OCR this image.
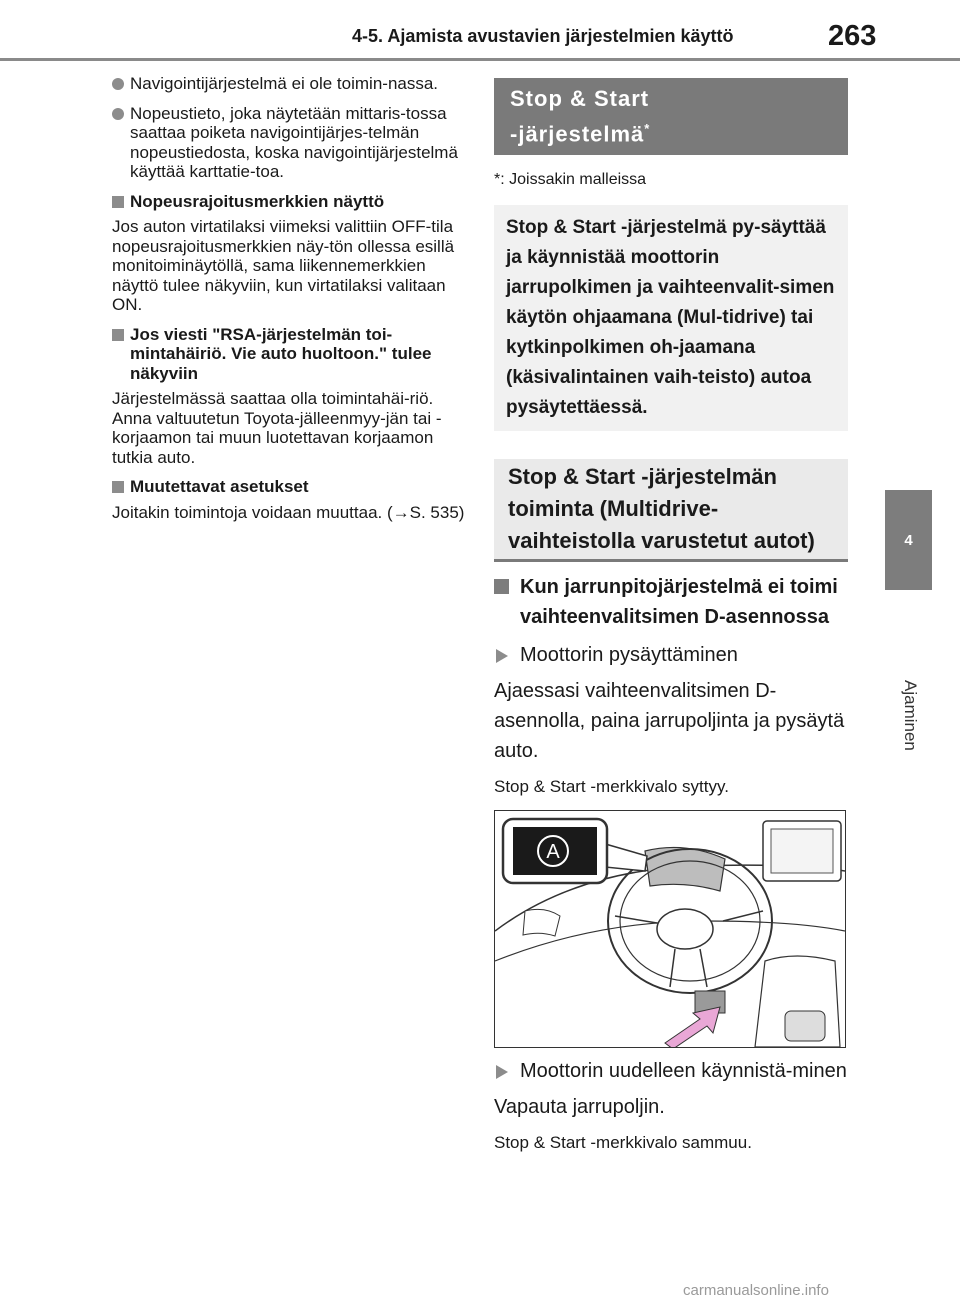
4-5. Ajamista avustavien järjestelmien käyttö	263
4
Ajaminen
Navigointijärjestelmä ei ole toimin-nassa.
Nopeustieto, joka näytetään mittaris-tossa saattaa poiketa navigointijärjes-telmän nopeustiedosta, koska navigointijärjestelmä käyttää karttatie-toa.
Nopeusrajoitusmerkkien näyttö
Jos auton virtatilaksi viimeksi valittiin OFF-tila nopeusrajoitusmerkkien näy-tön ollessa esillä monitoiminäytöllä, sama liikennemerkkien näyttö tulee näkyviin, kun virtatilaksi valitaan ON.
Jos viesti "RSA-järjestelmän toi-mintahäiriö. Vie auto huoltoon." tulee näkyviin
Järjestelmässä saattaa olla toimintahäi-riö. Anna valtuutetun Toyota-jälleenmyy-jän tai -korjaamon tai muun luotettavan korjaamon tutkia auto.
Muutettavat asetukset
Joitakin toimintoja voidaan muuttaa. (→S. 535)
Stop & Start
-järjestelmä*
*: Joissakin malleissa
Stop & Start -järjestelmä py-säyttää ja käynnistää moottorin jarrupolkimen ja vaihteenvalit-simen käytön ohjaamana (Mul-tidrive) tai kytkinpolkimen oh-jaamana (käsivalintainen vaih-teisto) autoa pysäytettäessä.
Stop & Start -järjestelmän toiminta (Multidrive-vaihteistolla varustetut autot)
Kun jarrunpitojärjestelmä ei toimi vaihteenvalitsimen D-asennossa
Moottorin pysäyttäminen
Ajaessasi vaihteenvalitsimen D-asennolla, paina jarrupoljinta ja pysäytä auto.
Stop & Start -merkkivalo syttyy.
A
Moottorin uudelleen käynnistä-minen
Vapauta jarrupoljin.
Stop & Start -merkkivalo sammuu.
carmanualsonline.info
